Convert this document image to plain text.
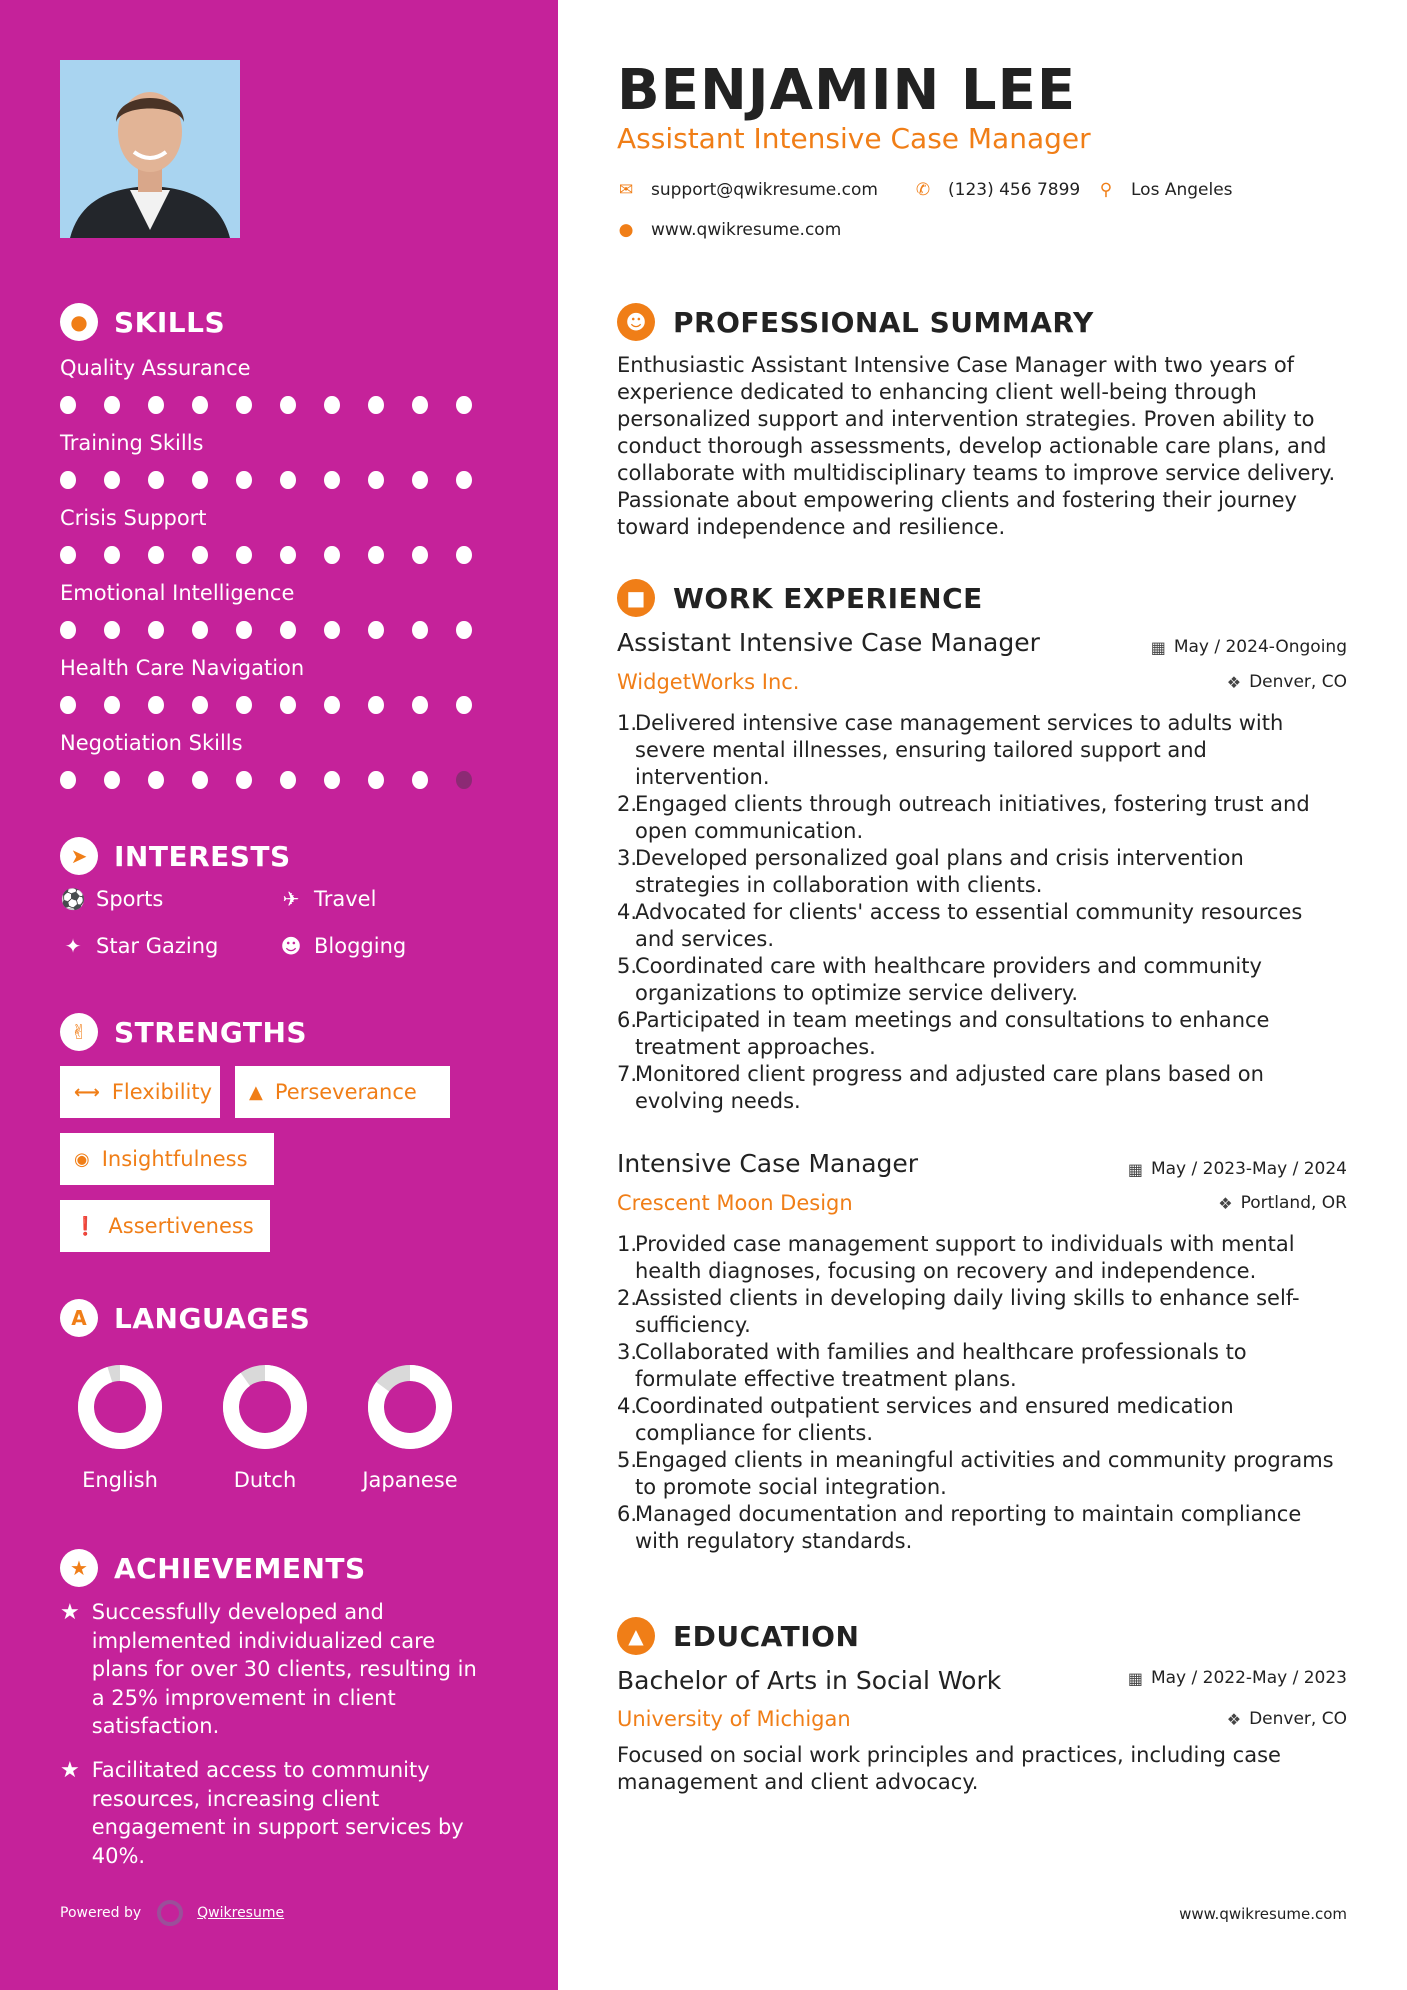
● SKILLS
Quality Assurance
Training Skills
Crisis Support
Emotional Intelligence
Health Care Navigation
Negotiation Skills
➤ INTERESTS
⚽ Sports	✈ Travel
✦ Star Gazing	☻ Blogging
✌ STRENGTHS
⟷ Flexibility ▲ Perseverance
◉ Insightfulness
❗ Assertiveness
A LANGUAGES
English	Dutch	Japanese
★ ACHIEVEMENTS
★ Successfully developed and implemented individualized care plans for over 30 clients, resulting in a 25% improvement in client satisfaction.
★ Facilitated access to community resources, increasing client engagement in support services by 40%.
Powered by	Qwikresume
BENJAMIN LEE
Assistant Intensive Case Manager
✉ support@qwikresume.com ✆ (123) 456 7899 ⚲ Los Angeles
● www.qwikresume.com
☻ PROFESSIONAL SUMMARY
Enthusiastic Assistant Intensive Case Manager with two years of experience dedicated to enhancing client well-being through personalized support and intervention strategies. Proven ability to conduct thorough assessments, develop actionable care plans, and collaborate with multidisciplinary teams to improve service delivery. Passionate about empowering clients and fostering their journey toward independence and resilience.
■ WORK EXPERIENCE
Assistant Intensive Case Manager	▦ May / 2024-Ongoing
WidgetWorks Inc.	❖ Denver, CO
1.
Delivered intensive case management services to adults with severe mental illnesses, ensuring tailored support and intervention.
2.
Engaged clients through outreach initiatives, fostering trust and open communication.
3.
Developed personalized goal plans and crisis intervention strategies in collaboration with clients.
4.
Advocated for clients' access to essential community resources and services.
5.
Coordinated care with healthcare providers and community organizations to optimize service delivery.
6.
Participated in team meetings and consultations to enhance treatment approaches.
7.
Monitored client progress and adjusted care plans based on evolving needs.
Intensive Case Manager	▦ May / 2023-May / 2024
Crescent Moon Design	❖ Portland, OR
1.
Provided case management support to individuals with mental health diagnoses, focusing on recovery and independence.
2.
Assisted clients in developing daily living skills to enhance self-sufficiency.
3.
Collaborated with families and healthcare professionals to formulate effective treatment plans.
4.
Coordinated outpatient services and ensured medication compliance for clients.
5.
Engaged clients in meaningful activities and community programs to promote social integration.
6.
Managed documentation and reporting to maintain compliance with regulatory standards.
▲	EDUCATION
Bachelor of Arts in Social Work	▦ May / 2022-May / 2023
University of Michigan	❖ Denver, CO
Focused on social work principles and practices, including case management and client advocacy.
www.qwikresume.com
